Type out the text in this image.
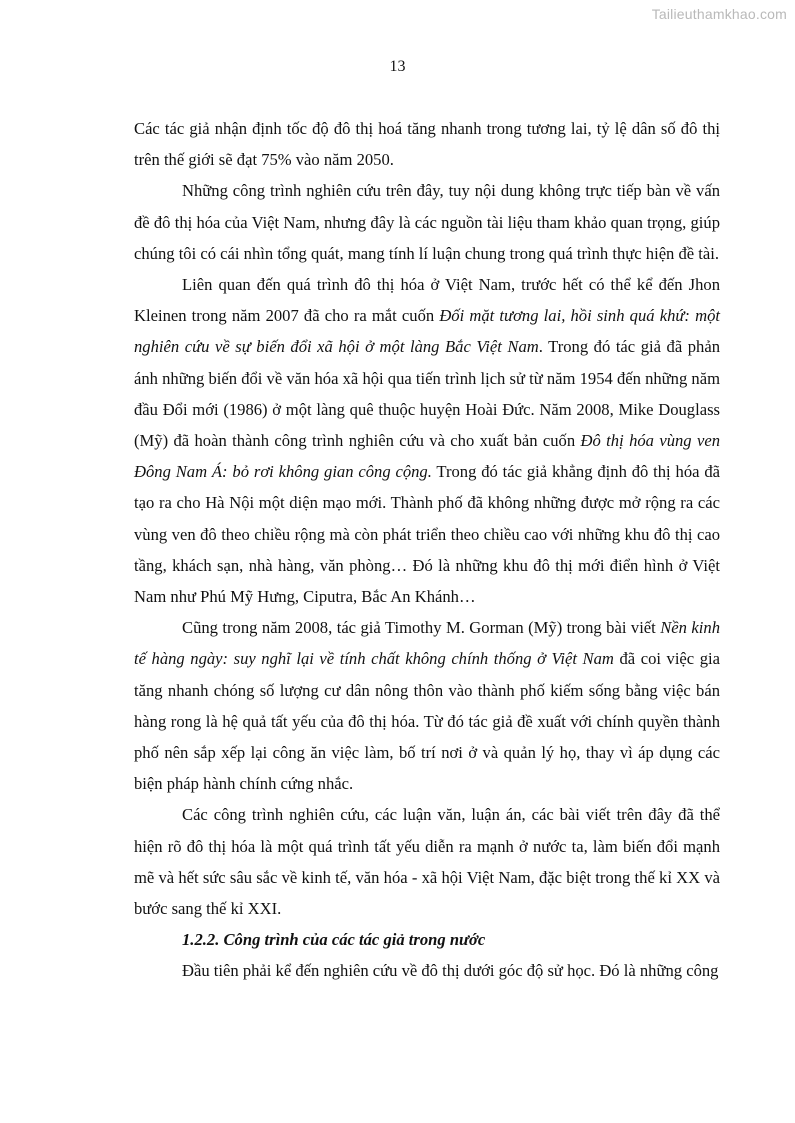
Tailieuthamkhao.com
13

Các tác giả nhận định tốc độ đô thị hoá tăng nhanh trong tương lai, tỷ lệ dân số đô thị trên thế giới sẽ đạt 75% vào năm 2050.

Những công trình nghiên cứu trên đây, tuy nội dung không trực tiếp bàn về vấn đề đô thị hóa của Việt Nam, nhưng đây là các nguồn tài liệu tham khảo quan trọng, giúp chúng tôi có cái nhìn tổng quát, mang tính lí luận chung trong quá trình thực hiện đề tài.

Liên quan đến quá trình đô thị hóa ở Việt Nam, trước hết có thể kể đến Jhon Kleinen trong năm 2007 đã cho ra mắt cuốn Đối mặt tương lai, hồi sinh quá khứ: một nghiên cứu về sự biến đổi xã hội ở một làng Bắc Việt Nam. Trong đó tác giả đã phản ánh những biến đổi về văn hóa xã hội qua tiến trình lịch sử từ năm 1954 đến những năm đầu Đổi mới (1986) ở một làng quê thuộc huyện Hoài Đức. Năm 2008, Mike Douglass (Mỹ) đã hoàn thành công trình nghiên cứu và cho xuất bản cuốn Đô thị hóa vùng ven Đông Nam Á: bỏ rơi không gian công cộng. Trong đó tác giả khẳng định đô thị hóa đã tạo ra cho Hà Nội một diện mạo mới. Thành phố đã không những được mở rộng ra các vùng ven đô theo chiều rộng mà còn phát triển theo chiều cao với những khu đô thị cao tầng, khách sạn, nhà hàng, văn phòng… Đó là những khu đô thị mới điển hình ở Việt Nam như Phú Mỹ Hưng, Ciputra, Bắc An Khánh…

Cũng trong năm 2008, tác giả Timothy M. Gorman (Mỹ) trong bài viết Nền kinh tế hàng ngày: suy nghĩ lại về tính chất không chính thống ở Việt Nam đã coi việc gia tăng nhanh chóng số lượng cư dân nông thôn vào thành phố kiếm sống bằng việc bán hàng rong là hệ quả tất yếu của đô thị hóa. Từ đó tác giả đề xuất với chính quyền thành phố nên sắp xếp lại công ăn việc làm, bố trí nơi ở và quản lý họ, thay vì áp dụng các biện pháp hành chính cứng nhắc.

Các công trình nghiên cứu, các luận văn, luận án, các bài viết trên đây đã thể hiện rõ đô thị hóa là một quá trình tất yếu diễn ra mạnh ở nước ta, làm biến đổi mạnh mẽ và hết sức sâu sắc về kinh tế, văn hóa - xã hội Việt Nam, đặc biệt trong thế kỉ XX và bước sang thế kỉ XXI.

1.2.2. Công trình của các tác giả trong nước

Đầu tiên phải kể đến nghiên cứu về đô thị dưới góc độ sử học. Đó là những công
